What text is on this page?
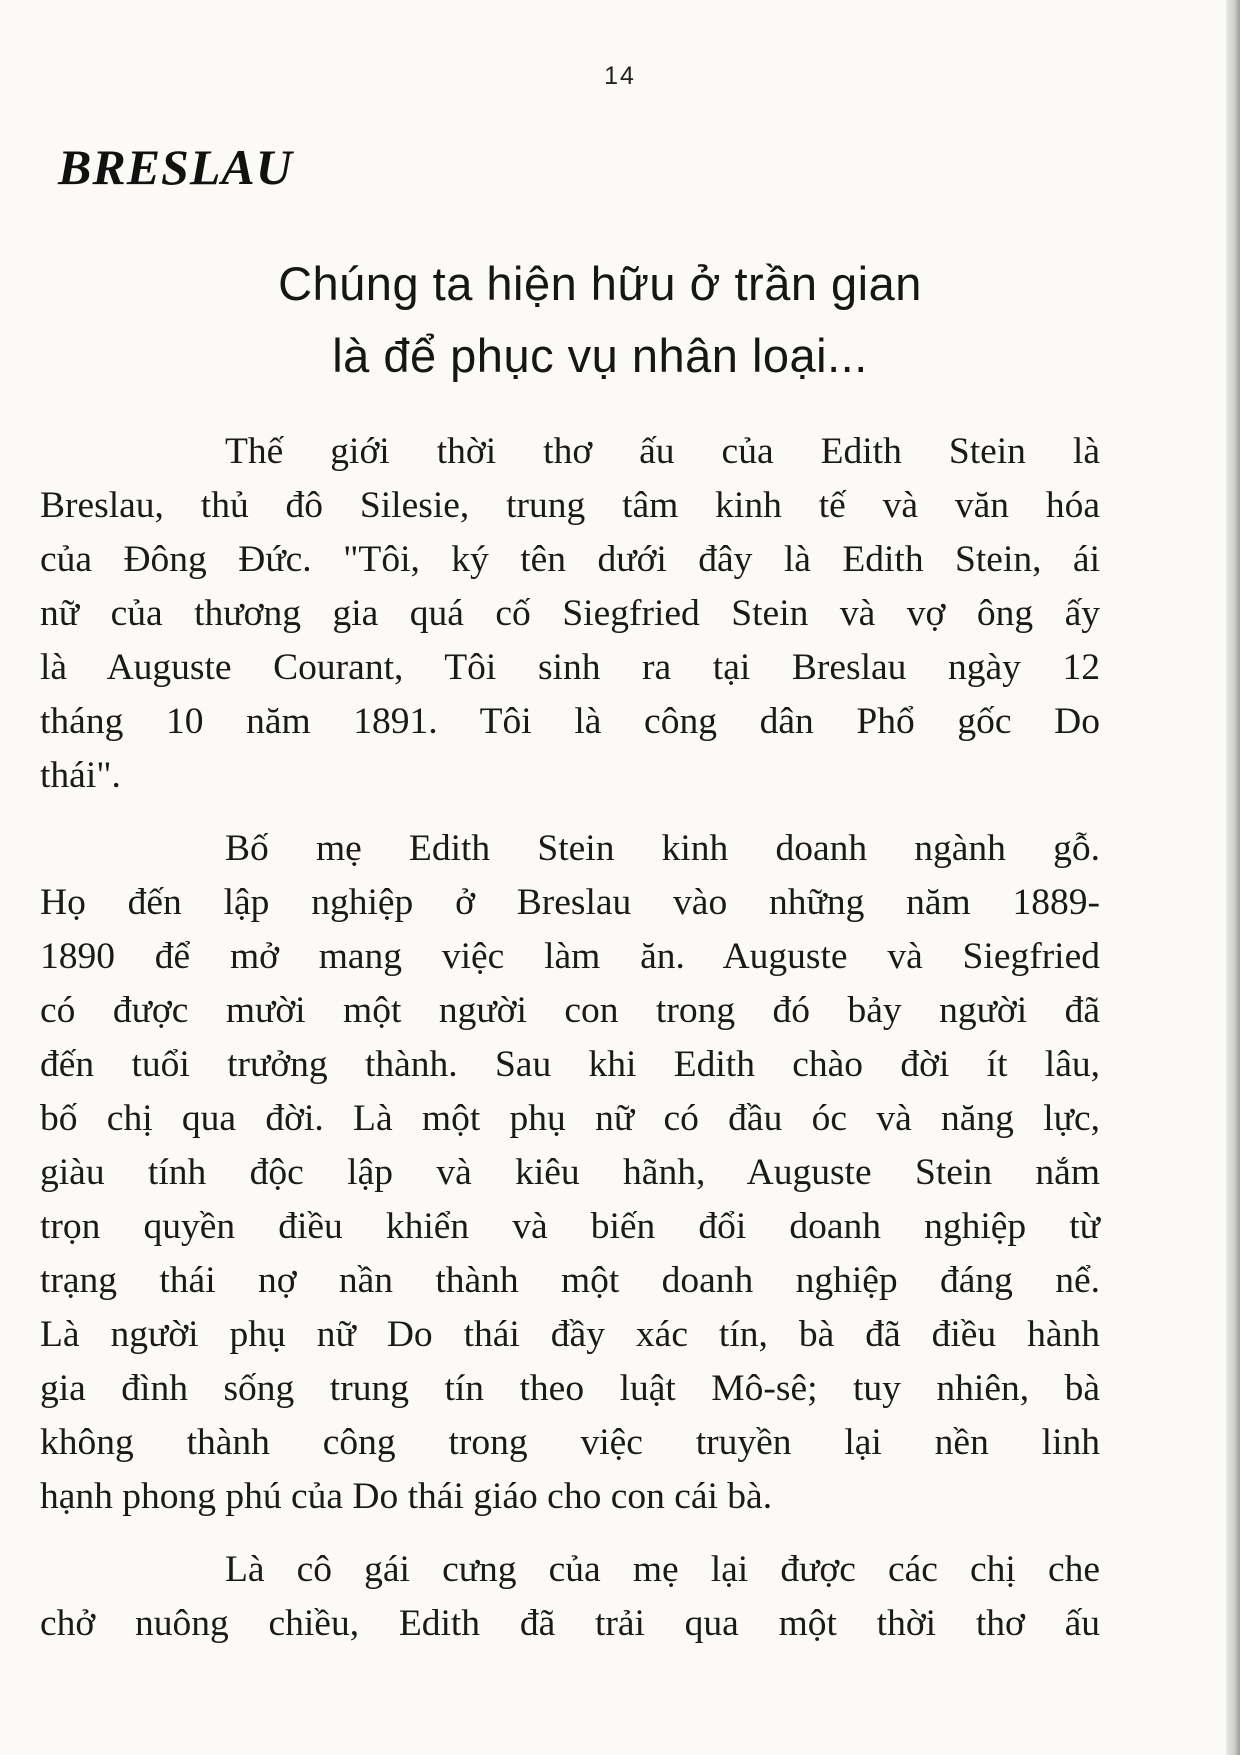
14
BRESLAU
Chúng ta hiện hữu ở trần gian
là để phục vụ nhân loại...
Thế giới thời thơ ấu của Edith Stein là
Breslau, thủ đô Silesie, trung tâm kinh tế và văn hóa
của Đông Đức. "Tôi, ký tên dưới đây là Edith Stein, ái
nữ của thương gia quá cố Siegfried Stein và vợ ông ấy
là Auguste Courant, Tôi sinh ra tại Breslau ngày 12
tháng 10 năm 1891. Tôi là công dân Phổ gốc Do
thái".
Bố mẹ Edith Stein kinh doanh ngành gỗ.
Họ đến lập nghiệp ở Breslau vào những năm 1889-
1890 để mở mang việc làm ăn. Auguste và Siegfried
có được mười một người con trong đó bảy người đã
đến tuổi trưởng thành. Sau khi Edith chào đời ít lâu,
bố chị qua đời. Là một phụ nữ có đầu óc và năng lực,
giàu tính độc lập và kiêu hãnh, Auguste Stein nắm
trọn quyền điều khiển và biến đổi doanh nghiệp từ
trạng thái nợ nần thành một doanh nghiệp đáng nể.
Là người phụ nữ Do thái đầy xác tín, bà đã điều hành
gia đình sống trung tín theo luật Mô-sê; tuy nhiên, bà
không thành công trong việc truyền lại nền linh
hạnh phong phú của Do thái giáo cho con cái bà.
Là cô gái cưng của mẹ lại được các chị che
chở nuông chiều, Edith đã trải qua một thời thơ ấu
